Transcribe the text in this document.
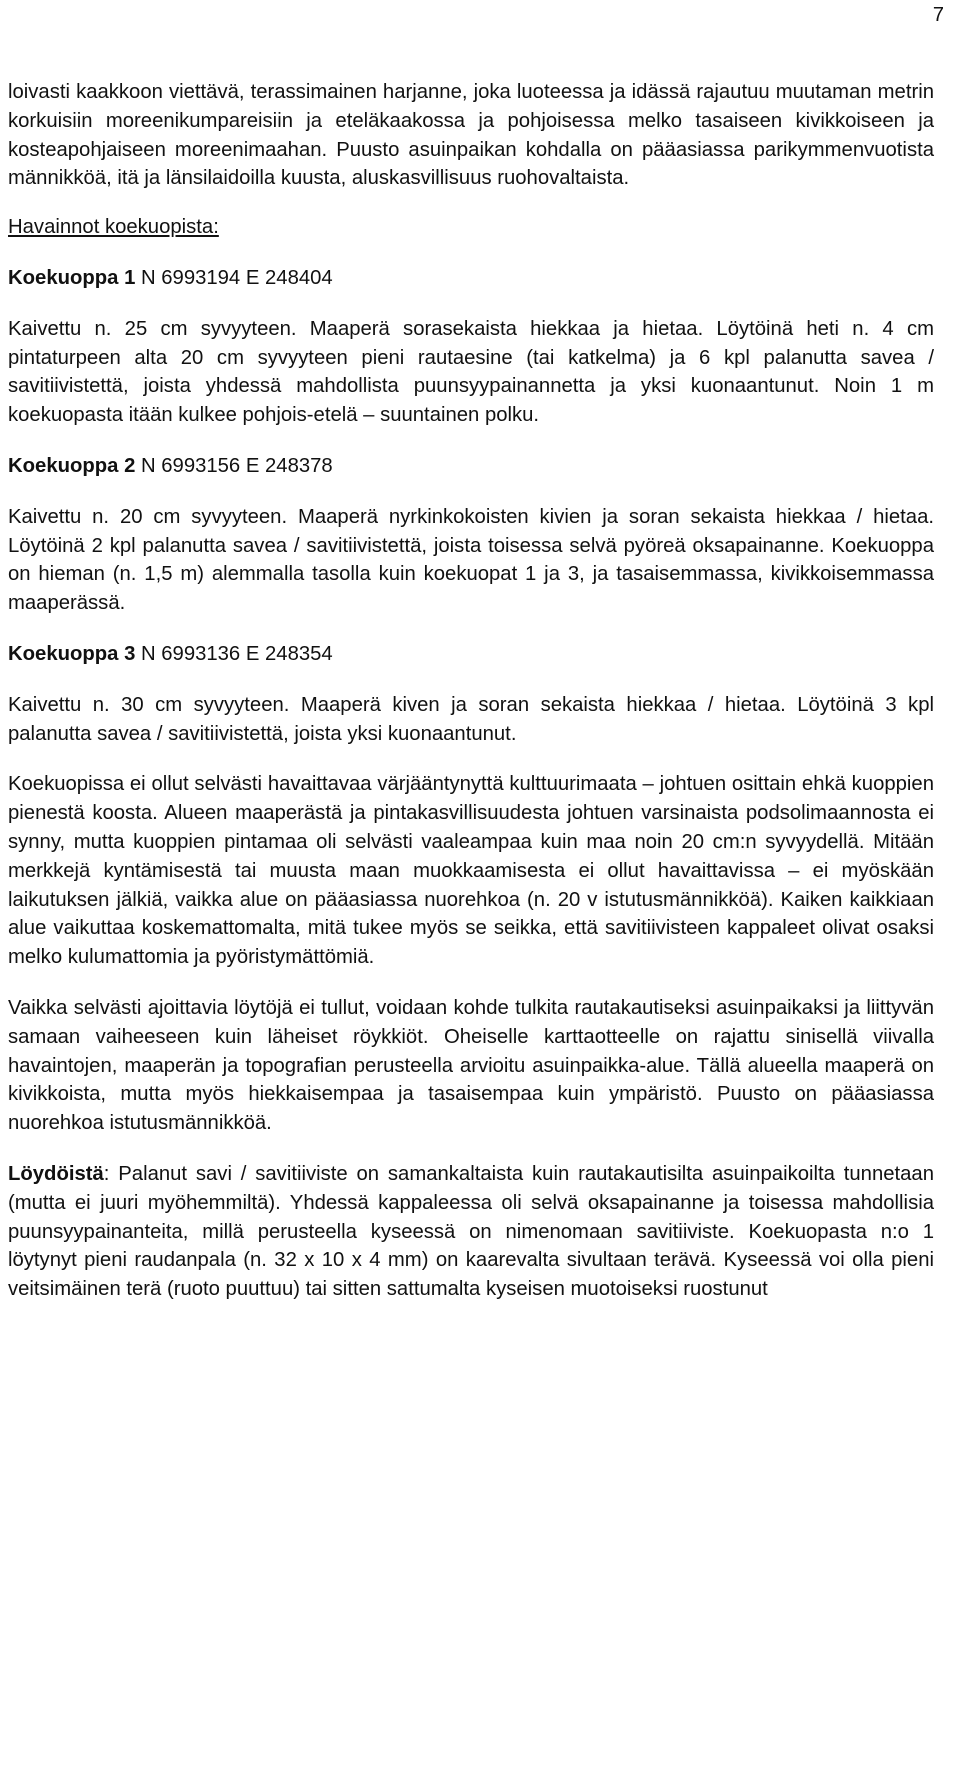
7

loivasti kaakkoon viettävä, terassimainen harjanne, joka luoteessa ja idässä rajautuu muutaman metrin korkuisiin moreenikumpareisiin ja eteläkaakossa ja pohjoisessa melko tasaiseen kivikkoiseen ja kosteapohjaiseen moreenimaahan. Puusto asuinpaikan kohdalla on pääasiassa parikymmenvuotista männikköä, itä ja länsilaidoilla kuusta, aluskasvillisuus ruohovaltaista.

Havainnot koekuopista:

Koekuoppa 1 N 6993194 E 248404

Kaivettu n. 25 cm syvyyteen. Maaperä sorasekaista hiekkaa ja hietaa. Löytöinä heti n. 4 cm pintaturpeen alta 20 cm syvyyteen pieni rautaesine (tai katkelma) ja 6 kpl palanutta savea / savitiivistettä, joista yhdessä mahdollista puunsyypainannetta ja yksi kuonaantunut. Noin 1 m koekuopasta itään kulkee pohjois-etelä – suuntainen polku.

Koekuoppa 2 N 6993156 E 248378

Kaivettu n. 20 cm syvyyteen. Maaperä nyrkinkokoisten kivien ja soran sekaista hiekkaa / hietaa. Löytöinä 2 kpl palanutta savea / savitiivistettä, joista toisessa selvä pyöreä oksapainanne. Koekuoppa on hieman (n. 1,5 m) alemmalla tasolla kuin koekuopat 1 ja 3, ja tasaisemmassa, kivikkoisemmassa maaperässä.

Koekuoppa 3 N 6993136 E 248354

Kaivettu n. 30 cm syvyyteen. Maaperä kiven ja soran sekaista hiekkaa / hietaa. Löytöinä 3 kpl palanutta savea / savitiivistettä, joista yksi kuonaantunut.

Koekuopissa ei ollut selvästi havaittavaa värjääntynyttä kulttuurimaata – johtuen osittain ehkä kuoppien pienestä koosta. Alueen maaperästä ja pintakasvillisuudesta johtuen varsinaista podsolimaannosta ei synny, mutta kuoppien pintamaa oli selvästi vaaleampaa kuin maa noin 20 cm:n syvyydellä. Mitään merkkejä kyntämisestä tai muusta maan muokkaamisesta ei ollut havaittavissa – ei myöskään laikutuksen jälkiä, vaikka alue on pääasiassa nuorehkoa (n. 20 v istutusmännikköä). Kaiken kaikkiaan alue vaikuttaa koskemattomalta, mitä tukee myös se seikka, että savitiivisteen kappaleet olivat osaksi melko kulumattomia ja pyöristymättömiä.

Vaikka selvästi ajoittavia löytöjä ei tullut, voidaan kohde tulkita rautakautiseksi asuinpaikaksi ja liittyvän samaan vaiheeseen kuin läheiset röykkiöt. Oheiselle karttaotteelle on rajattu sinisellä viivalla havaintojen, maaperän ja topografian perusteella arvioitu asuinpaikka-alue. Tällä alueella maaperä on kivikkoista, mutta myös hiekkaisempaa ja tasaisempaa kuin ympäristö. Puusto on pääasiassa nuorehkoa istutusmännikköä.

Löydöistä: Palanut savi / savitiiviste on samankaltaista kuin rautakautisilta asuinpaikoilta tunnetaan (mutta ei juuri myöhemmiltä). Yhdessä kappaleessa oli selvä oksapainanne ja toisessa mahdollisia puunsyypainanteita, millä perusteella kyseessä on nimenomaan savitiiviste. Koekuopasta n:o 1 löytynyt pieni raudanpala (n. 32 x 10 x 4 mm) on kaarevalta sivultaan terävä. Kyseessä voi olla pieni veitsimäinen terä (ruoto puuttuu) tai sitten sattumalta kyseisen muotoiseksi ruostunut
